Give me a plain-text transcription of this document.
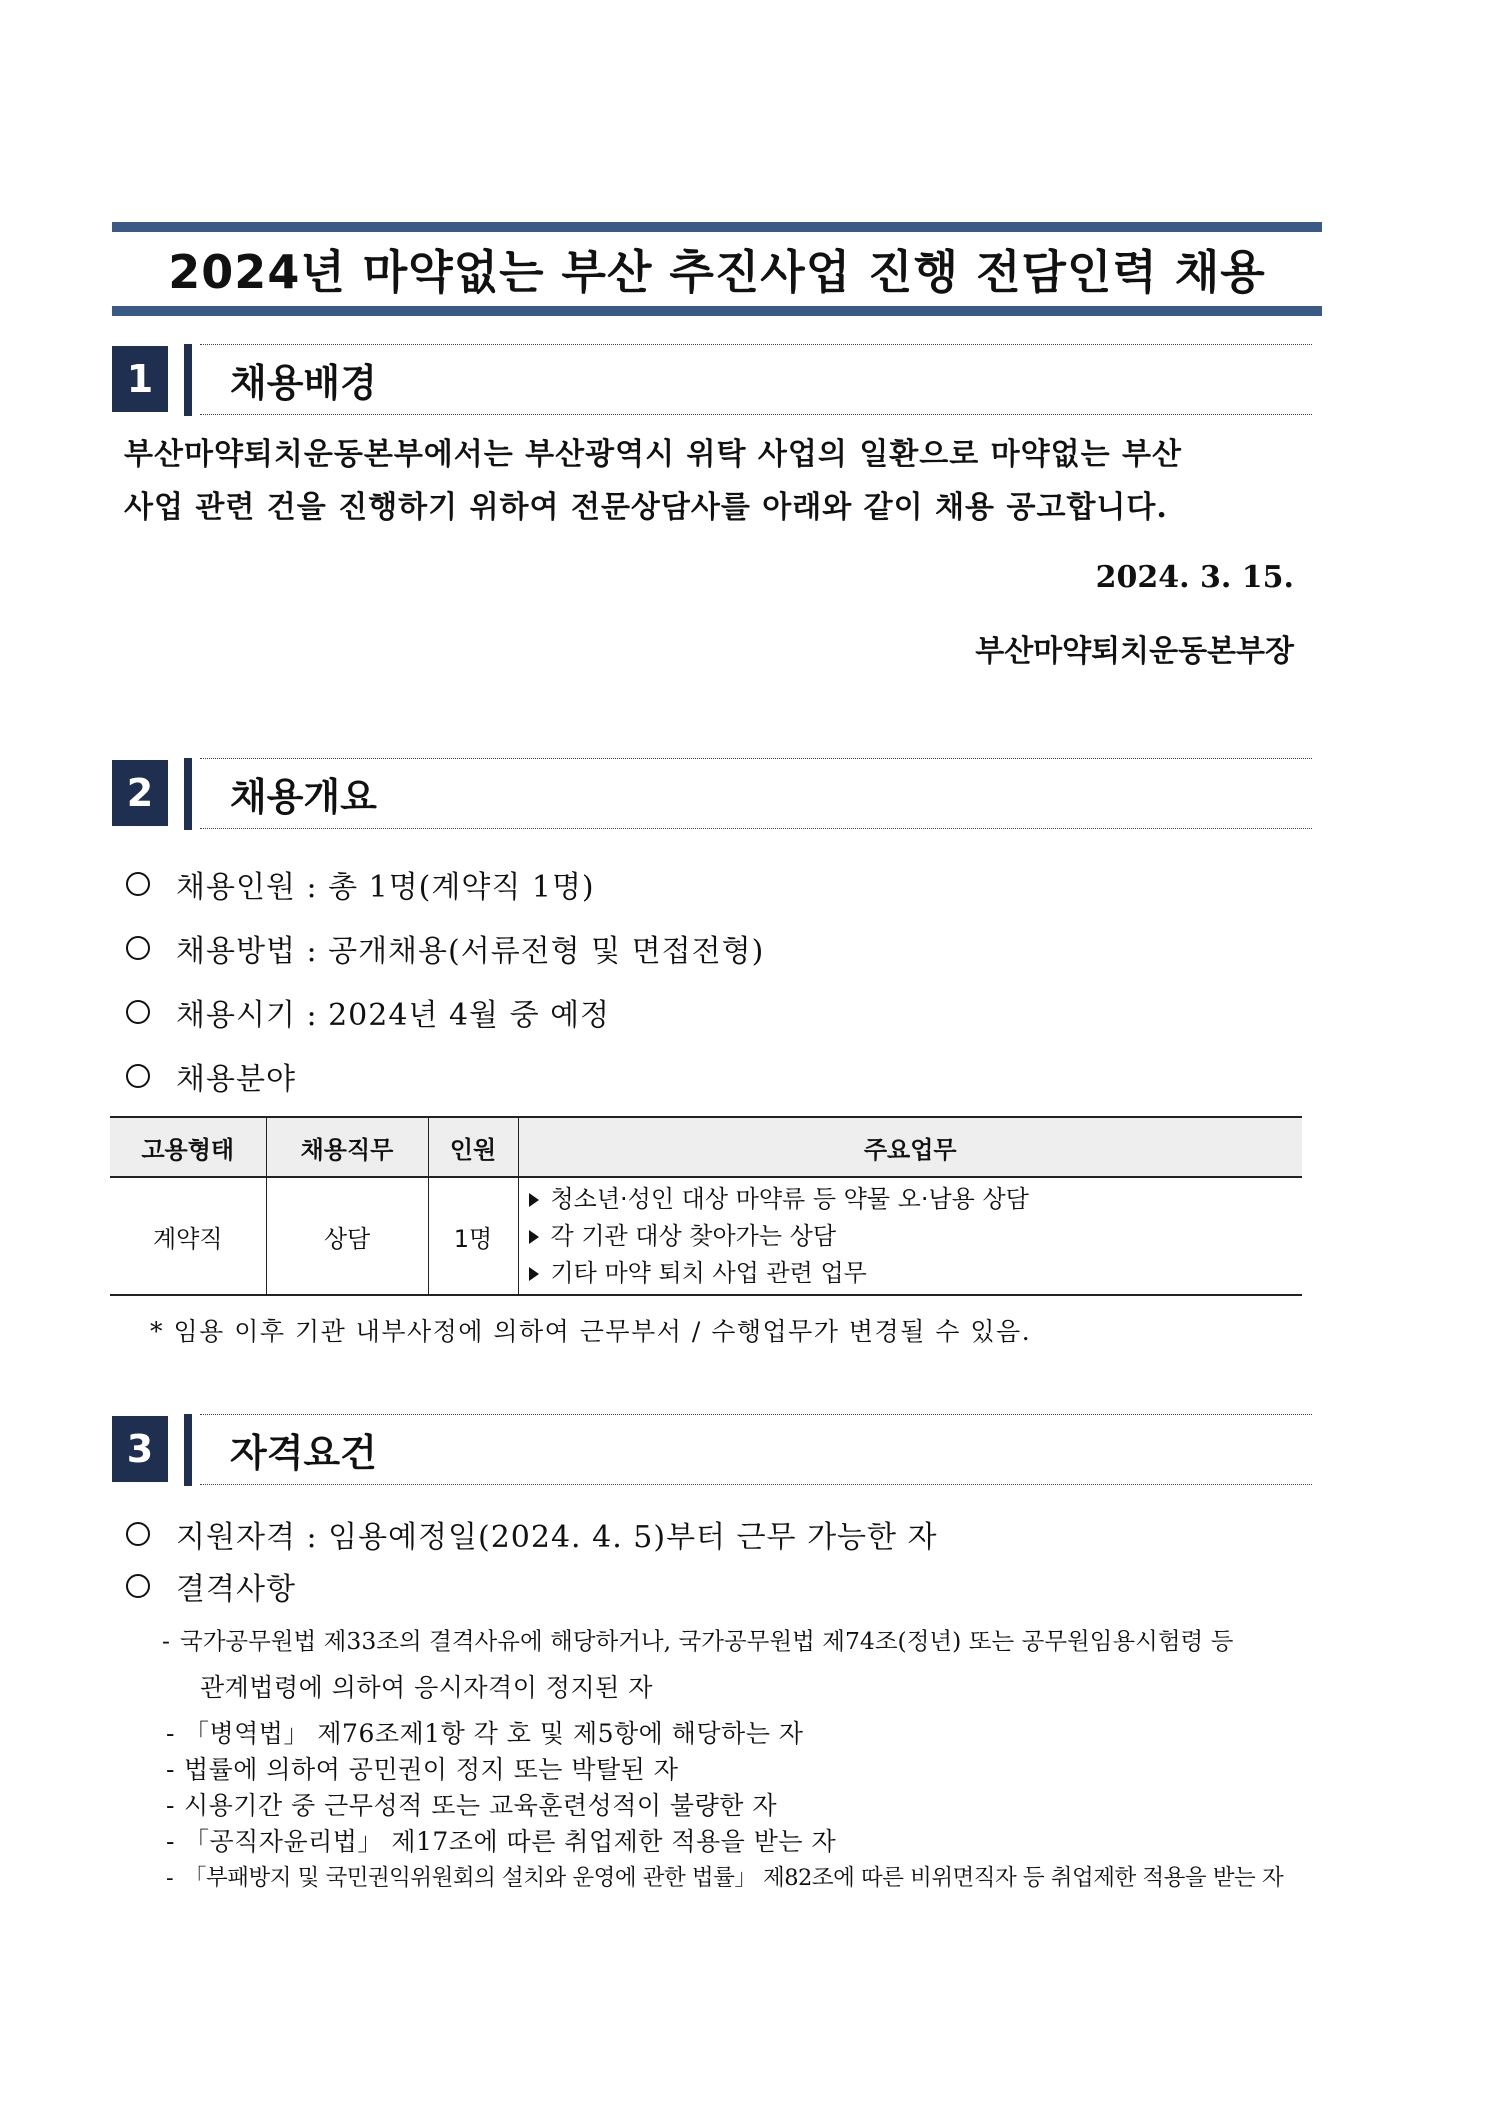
2024년 마약없는 부산 추진사업 진행 전담인력 채용
1	채용배경
부산마약퇴치운동본부에서는 부산광역시 위탁 사업의 일환으로 마약없는 부산
사업 관련 건을 진행하기 위하여 전문상담사를 아래와 같이 채용 공고합니다.
2024. 3. 15.
부산마약퇴치운동본부장
2	채용개요
채용인원 : 총 1명(계약직 1명)
채용방법 : 공개채용(서류전형 및 면접전형)
채용시기 : 2024년 4월 중 예정
채용분야
고용형태	채용직무	인원	주요업무
계약직	상담	1명	청소년·성인 대상 마약류 등 약물 오·남용 상담
각 기관 대상 찾아가는 상담
기타 마약 퇴치 사업 관련 업무
* 임용 이후 기관 내부사정에 의하여 근무부서 / 수행업무가 변경될 수 있음.
3	자격요건
지원자격 : 임용예정일(2024. 4. 5)부터 근무 가능한 자
결격사항
- 국가공무원법 제33조의 결격사유에 해당하거나, 국가공무원법 제74조(정년) 또는 공무원임용시험령 등
관계법령에 의하여 응시자격이 정지된 자
- 「병역법」 제76조제1항 각 호 및 제5항에 해당하는 자
- 법률에 의하여 공민권이 정지 또는 박탈된 자
- 시용기간 중 근무성적 또는 교육훈련성적이 불량한 자
- 「공직자윤리법」 제17조에 따른 취업제한 적용을 받는 자
- 「부패방지 및 국민권익위원회의 설치와 운영에 관한 법률」 제82조에 따른 비위면직자 등 취업제한 적용을 받는 자
